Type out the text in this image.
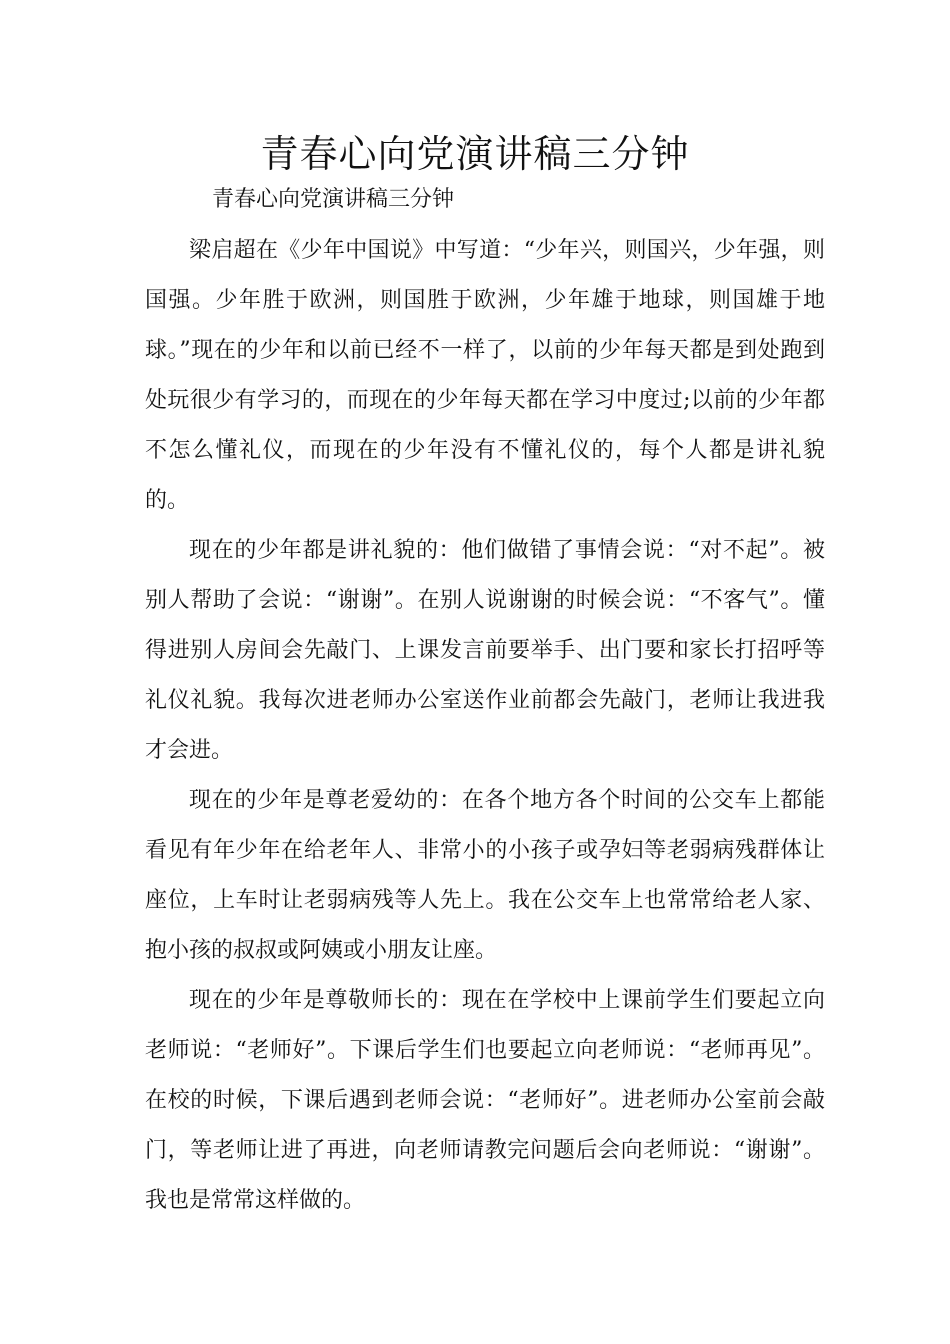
青春心向党演讲稿三分钟

青春心向党演讲稿三分钟

梁启超在《少年中国说》中写道：“少年兴，则国兴，少年强，则国强。少年胜于欧洲，则国胜于欧洲，少年雄于地球，则国雄于地球。”现在的少年和以前已经不一样了，以前的少年每天都是到处跑到处玩很少有学习的，而现在的少年每天都在学习中度过;以前的少年都不怎么懂礼仪，而现在的少年没有不懂礼仪的，每个人都是讲礼貌的。

现在的少年都是讲礼貌的：他们做错了事情会说：“对不起”。被别人帮助了会说：“谢谢”。在别人说谢谢的时候会说：“不客气”。懂得进别人房间会先敲门、上课发言前要举手、出门要和家长打招呼等礼仪礼貌。我每次进老师办公室送作业前都会先敲门，老师让我进我才会进。

现在的少年是尊老爱幼的：在各个地方各个时间的公交车上都能看见有年少年在给老年人、非常小的小孩子或孕妇等老弱病残群体让座位，上车时让老弱病残等人先上。我在公交车上也常常给老人家、抱小孩的叔叔或阿姨或小朋友让座。

现在的少年是尊敬师长的：现在在学校中上课前学生们要起立向老师说：“老师好”。下课后学生们也要起立向老师说：“老师再见”。在校的时候，下课后遇到老师会说：“老师好”。进老师办公室前会敲门，等老师让进了再进，向老师请教完问题后会向老师说：“谢谢”。我也是常常这样做的。
